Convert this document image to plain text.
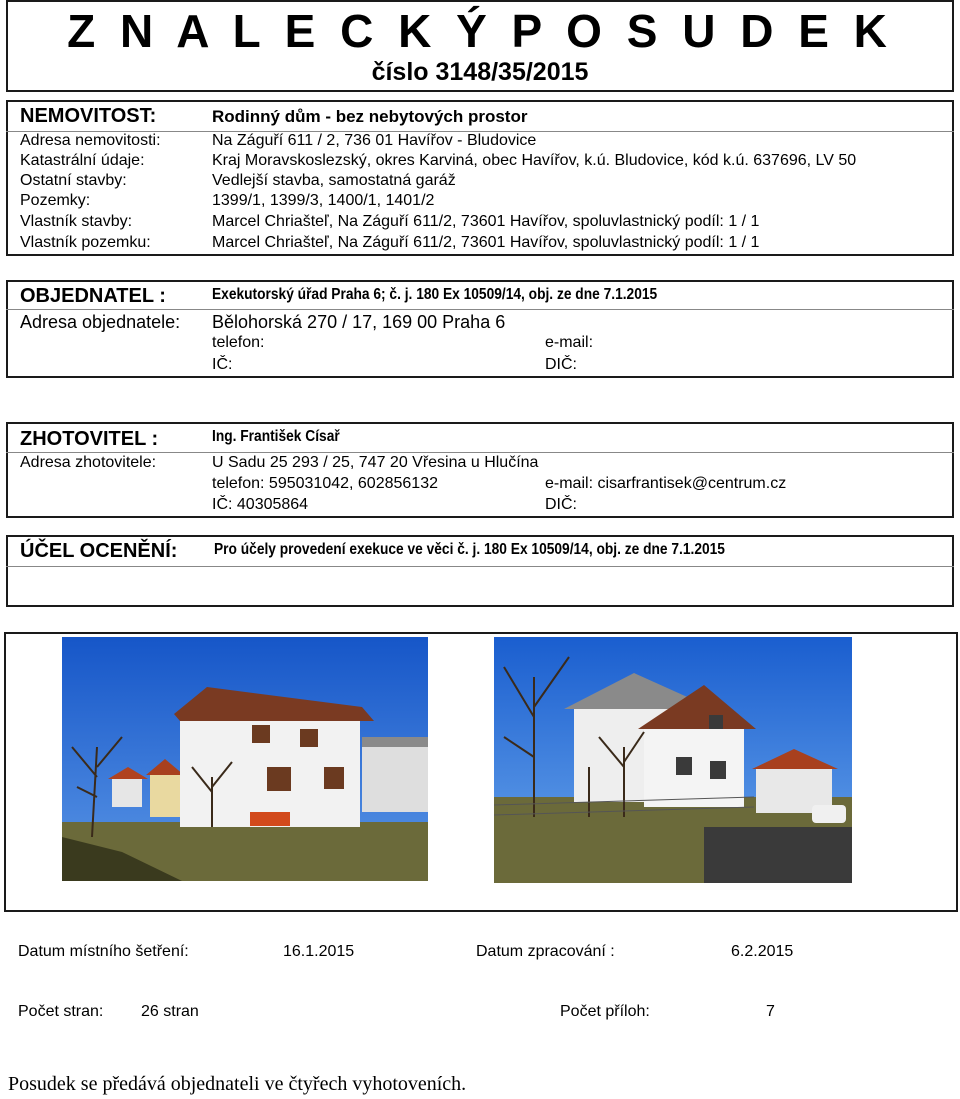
Z N A L E C K Ý P O S U D E K
číslo 3148/35/2015
NEMOVITOST:	Rodinný dům - bez nebytových prostor
Adresa nemovitosti:	Na Záguří 611 / 2, 736 01 Havířov - Bludovice
Katastrální údaje:	Kraj Moravskoslezský, okres Karviná, obec Havířov, k.ú. Bludovice, kód k.ú. 637696, LV 50
Ostatní stavby:	Vedlejší stavba, samostatná garáž
Pozemky:	1399/1, 1399/3, 1400/1, 1401/2
Vlastník stavby:	Marcel Chriašteľ, Na Záguří 611/2, 73601 Havířov, spoluvlastnický podíl: 1 / 1
Vlastník pozemku:	Marcel Chriašteľ, Na Záguří 611/2, 73601 Havířov, spoluvlastnický podíl: 1 / 1
OBJEDNATEL :	Exekutorský úřad Praha 6; č. j. 180 Ex 10509/14, obj. ze dne 7.1.2015
Adresa objednatele: Bělohorská 270 / 17, 169 00 Praha 6
telefon:	e-mail:
IČ:	DIČ:
ZHOTOVITEL :	Ing. František Císař
Adresa zhotovitele:	U Sadu 25 293 / 25, 747 20 Vřesina u Hlučína
telefon: 595031042, 602856132	e-mail: cisarfrantisek@centrum.cz
IČ: 40305864	DIČ:
ÚČEL OCENĚNÍ: Pro účely provedení exekuce ve věci č. j. 180 Ex 10509/14, obj. ze dne 7.1.2015
Datum místního šetření:	16.1.2015	Datum zpracování :	6.2.2015
Počet stran: 26 stran	Počet příloh:	7
Posudek se předává objednateli ve čtyřech vyhotoveních.
